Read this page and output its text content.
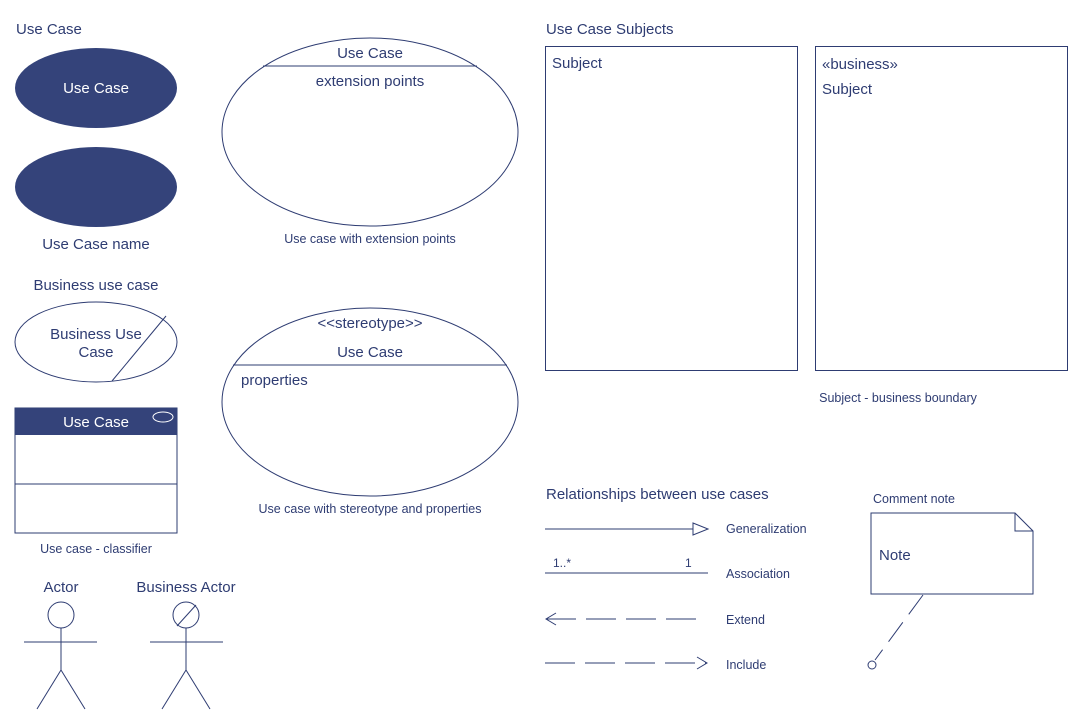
Use Case
Use Case
Use Case name
Business use case
Business Use Case
Use Case
Use case - classifier
Actor	Business Actor
Use Case
extension points
Use case with extension points
<<stereotype>>
Use Case
properties
Use case with stereotype and properties
Use Case Subjects
Subject	«business»
Subject
Subject - business boundary
Relationships between use cases
Generalization
1..*	1
Association
Extend
Include
Comment note
Note
